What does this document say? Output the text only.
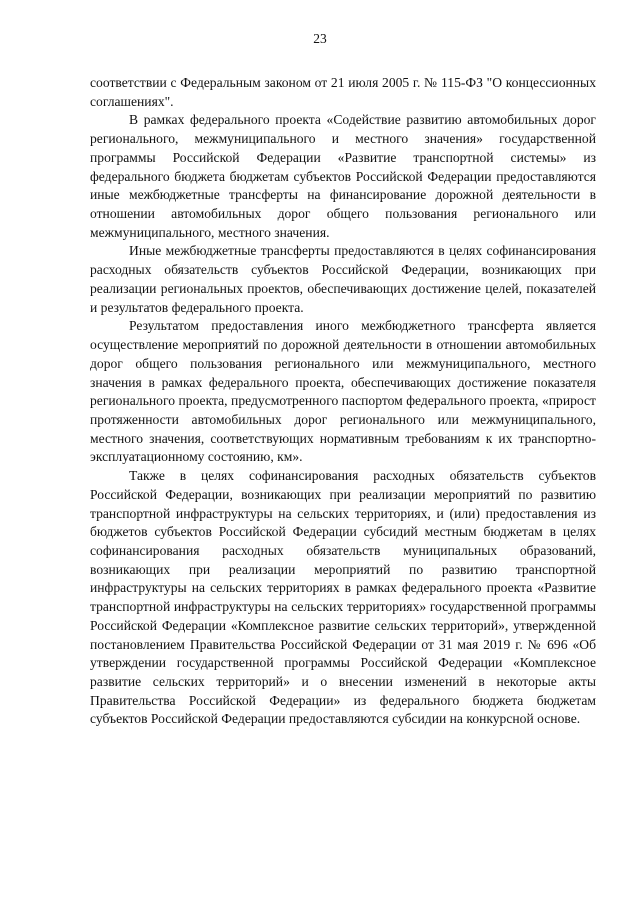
23

соответствии с Федеральным законом от 21 июля 2005 г. № 115-ФЗ "О концессионных соглашениях".

В рамках федерального проекта «Содействие развитию автомобильных дорог регионального, межмуниципального и местного значения» государственной программы Российской Федерации «Развитие транспортной системы» из федерального бюджета бюджетам субъектов Российской Федерации предоставляются иные межбюджетные трансферты на финансирование дорожной деятельности в отношении автомобильных дорог общего пользования регионального или межмуниципального, местного значения.

Иные межбюджетные трансферты предоставляются в целях софинансирования расходных обязательств субъектов Российской Федерации, возникающих при реализации региональных проектов, обеспечивающих достижение целей, показателей и результатов федерального проекта.

Результатом предоставления иного межбюджетного трансферта является осуществление мероприятий по дорожной деятельности в отношении автомобильных дорог общего пользования регионального или межмуниципального, местного значения в рамках федерального проекта, обеспечивающих достижение показателя регионального проекта, предусмотренного паспортом федерального проекта, «прирост протяженности автомобильных дорог регионального или межмуниципального, местного значения, соответствующих нормативным требованиям к их транспортно-эксплуатационному состоянию, км».

Также в целях софинансирования расходных обязательств субъектов Российской Федерации, возникающих при реализации мероприятий по развитию транспортной инфраструктуры на сельских территориях, и (или) предоставления из бюджетов субъектов Российской Федерации субсидий местным бюджетам в целях софинансирования расходных обязательств муниципальных образований, возникающих при реализации мероприятий по развитию транспортной инфраструктуры на сельских территориях в рамках федерального проекта «Развитие транспортной инфраструктуры на сельских территориях» государственной программы Российской Федерации «Комплексное развитие сельских территорий», утвержденной постановлением Правительства Российской Федерации от 31 мая 2019 г. № 696 «Об утверждении государственной программы Российской Федерации «Комплексное развитие сельских территорий» и о внесении изменений в некоторые акты Правительства Российской Федерации» из федерального бюджета бюджетам субъектов Российской Федерации предоставляются субсидии на конкурсной основе.
